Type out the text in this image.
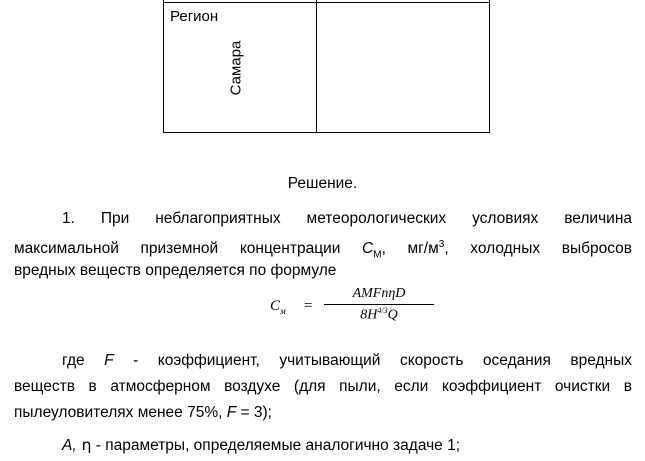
Регион
Самара
Решение.
1. При неблагоприятных метеорологических условиях величина
максимальной приземной концентрации $С_М$, $мг/м^3$, холодных выбросов
вредных веществ определяется по формуле
$С_м$ =
AMFnηD
$8H^{4/3}Q$
где F - коэффициент, учитывающий скорость оседания вредных
веществ в атмосферном воздухе (для пыли, если коэффициент очистки в
пылеуловителях менее 75%, F = 3);
А, η - параметры, определяемые аналогично задаче 1;
